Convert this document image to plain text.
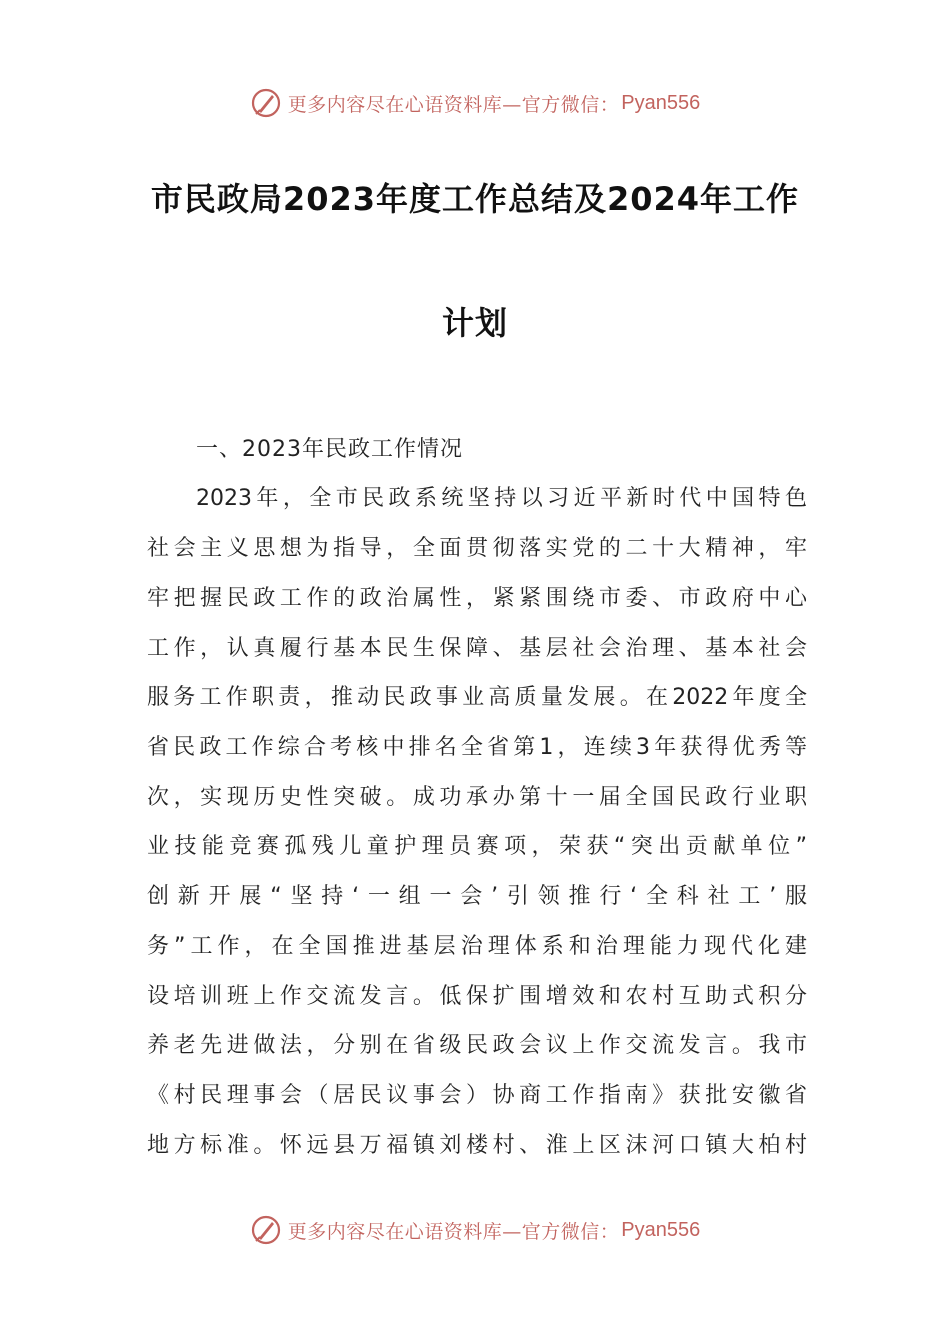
更多内容尽在心语资料库—官方微信： Pyan556
市民政局2023年度工作总结及2024年工作
计划
一、2023年民政工作情况
2023年，全市民政系统坚持以习近平新时代中国特色
社会主义思想为指导，全面贯彻落实党的二十大精神，牢
牢把握民政工作的政治属性，紧紧围绕市委、市政府中心
工作，认真履行基本民生保障、基层社会治理、基本社会
服务工作职责，推动民政事业高质量发展。在2022年度全
省民政工作综合考核中排名全省第1，连续3年获得优秀等
次，实现历史性突破。成功承办第十一届全国民政行业职
业技能竞赛孤残儿童护理员赛项，荣获“突出贡献单位”
创新开展“坚持‘一组一会’引领推行‘全科社工’服
务”工作，在全国推进基层治理体系和治理能力现代化建
设培训班上作交流发言。低保扩围增效和农村互助式积分
养老先进做法，分别在省级民政会议上作交流发言。我市
《村民理事会（居民议事会）协商工作指南》获批安徽省
地方标准。怀远县万福镇刘楼村、淮上区沫河口镇大柏村
更多内容尽在心语资料库—官方微信： Pyan556
